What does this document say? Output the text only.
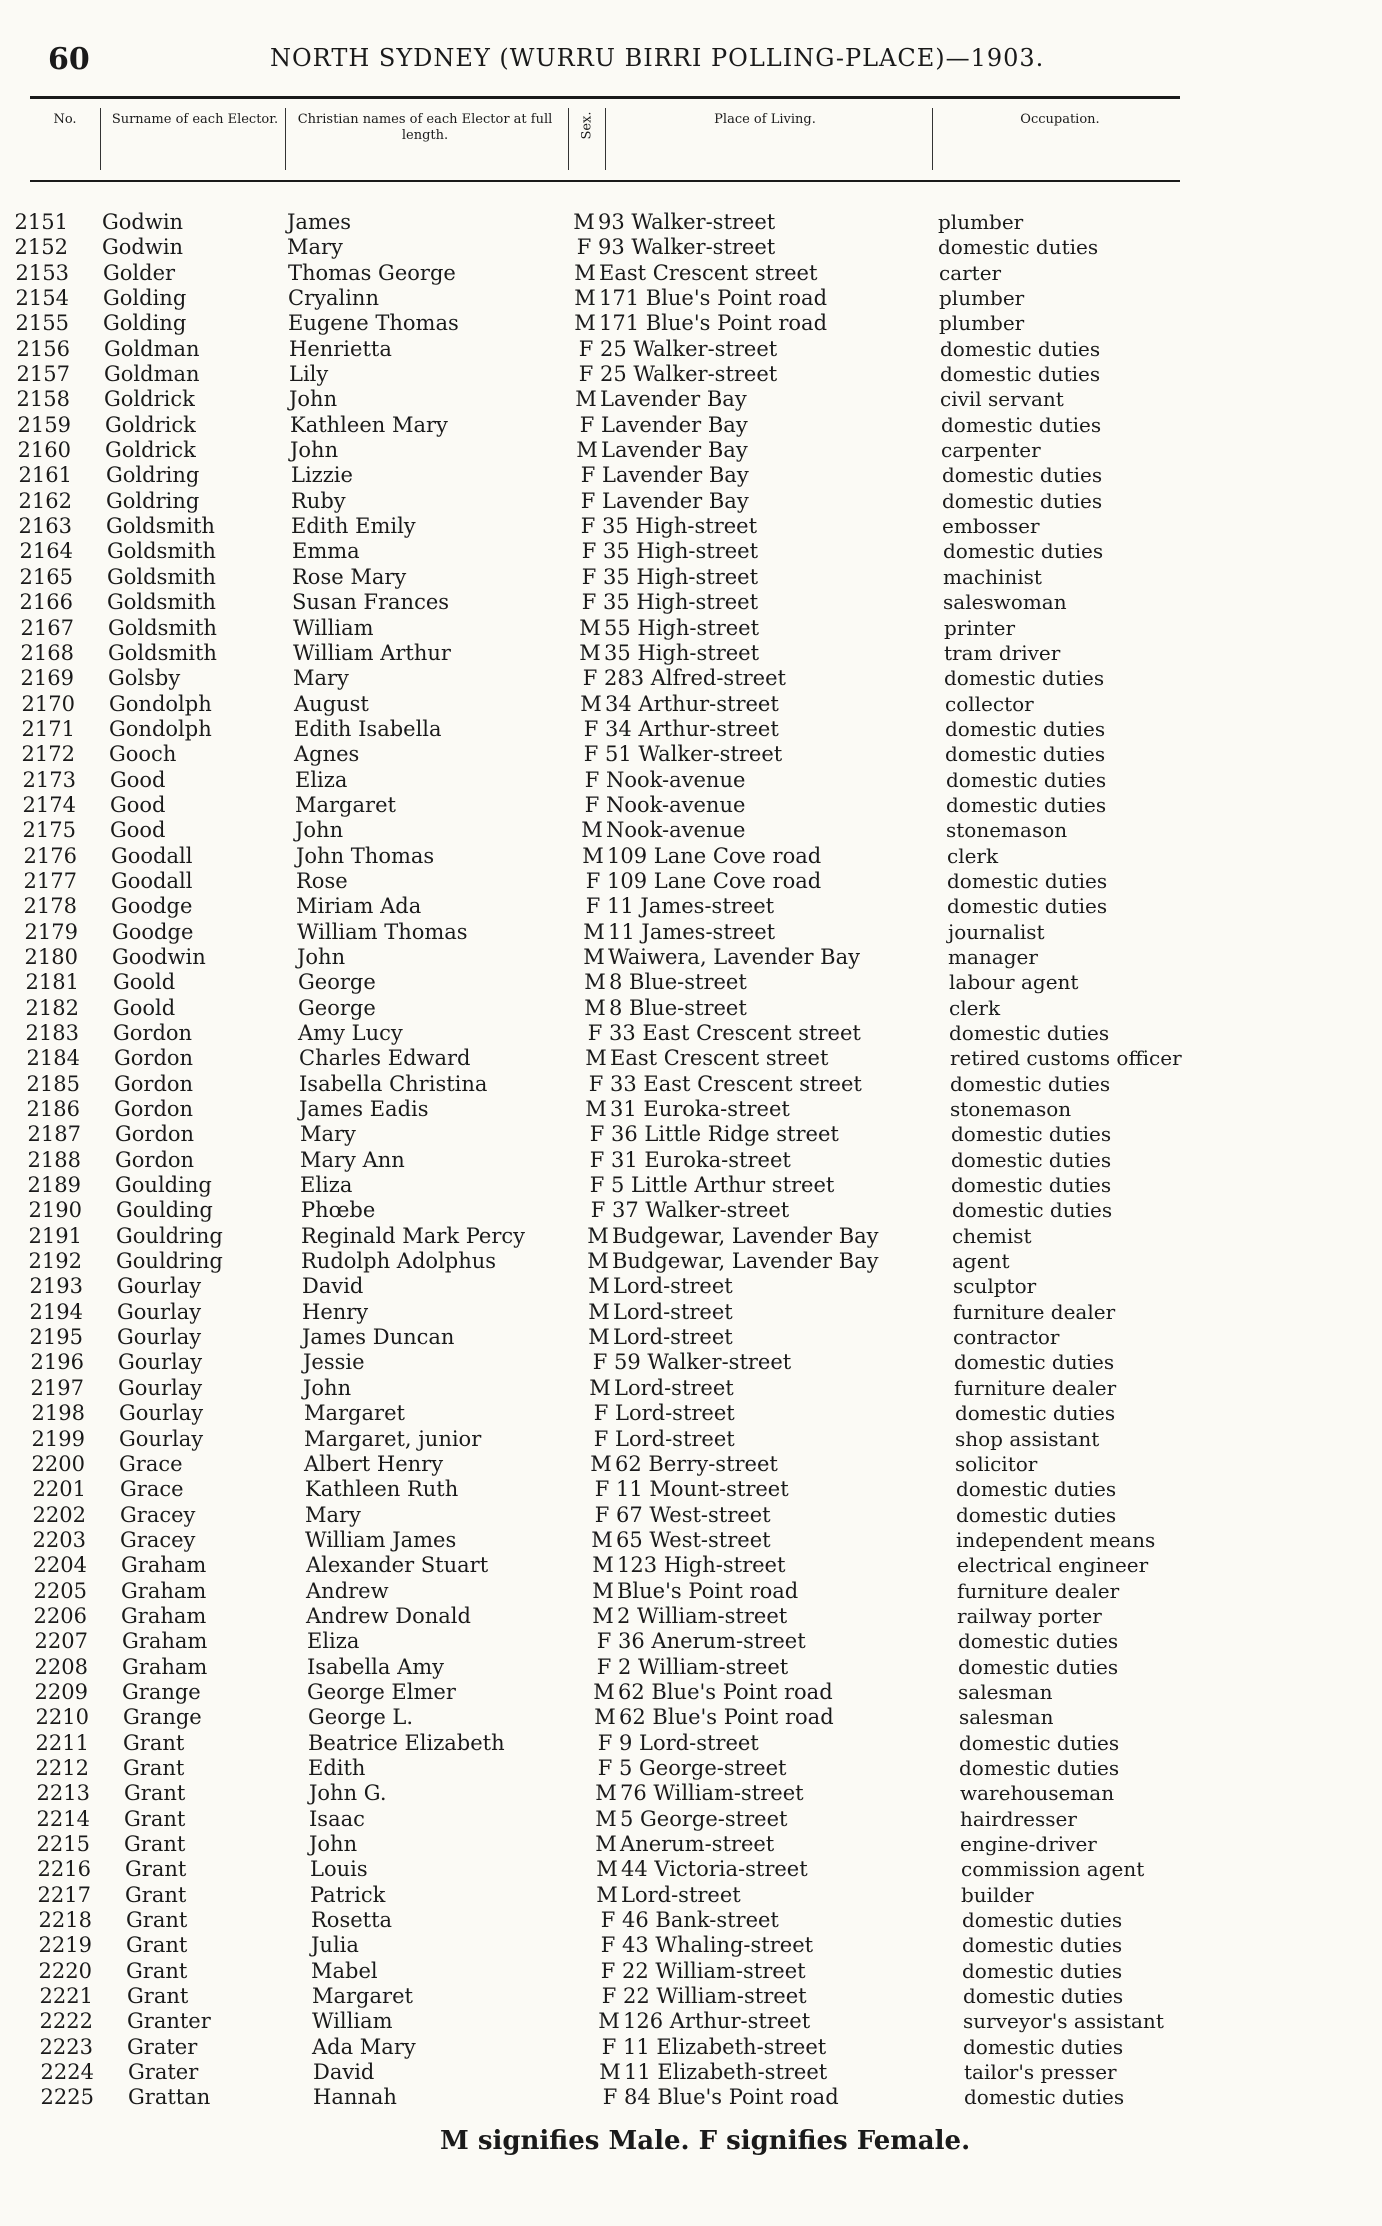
60	NORTH SYDNEY (WURRU BIRRI POLLING-PLACE)—1903.
No.	Surname of each Elector.	Christian names of each Elector at full length.	Sex.	Place of Living.	Occupation.
2151 Godwin	James	M 93 Walker-street	plumber
2152 Godwin	Mary	F 93 Walker-street	domestic duties
2153 Golder	Thomas George	M East Crescent street	carter
2154 Golding	Cryalinn	M 171 Blue's Point road	plumber
2155 Golding	Eugene Thomas	M 171 Blue's Point road	plumber
2156 Goldman	Henrietta	F 25 Walker-street	domestic duties
2157 Goldman	Lily	F 25 Walker-street	domestic duties
2158 Goldrick	John	M Lavender Bay	civil servant
2159 Goldrick	Kathleen Mary	F Lavender Bay	domestic duties
2160 Goldrick	John	M Lavender Bay	carpenter
2161 Goldring	Lizzie	F Lavender Bay	domestic duties
2162 Goldring	Ruby	F Lavender Bay	domestic duties
2163 Goldsmith	Edith Emily	F 35 High-street	embosser
2164 Goldsmith	Emma	F 35 High-street	domestic duties
2165 Goldsmith	Rose Mary	F 35 High-street	machinist
2166 Goldsmith	Susan Frances	F 35 High-street	saleswoman
2167 Goldsmith	William	M 55 High-street	printer
2168 Goldsmith	William Arthur	M 35 High-street	tram driver
2169 Golsby	Mary	F 283 Alfred-street	domestic duties
2170 Gondolph	August	M 34 Arthur-street	collector
2171 Gondolph	Edith Isabella	F 34 Arthur-street	domestic duties
2172 Gooch	Agnes	F 51 Walker-street	domestic duties
2173 Good	Eliza	F Nook-avenue	domestic duties
2174 Good	Margaret	F Nook-avenue	domestic duties
2175 Good	John	M Nook-avenue	stonemason
2176 Goodall	John Thomas	M 109 Lane Cove road	clerk
2177 Goodall	Rose	F 109 Lane Cove road	domestic duties
2178 Goodge	Miriam Ada	F 11 James-street	domestic duties
2179 Goodge	William Thomas	M 11 James-street	journalist
2180 Goodwin	John	M Waiwera, Lavender Bay	manager
2181 Goold	George	M 8 Blue-street	labour agent
2182 Goold	George	M 8 Blue-street	clerk
2183 Gordon	Amy Lucy	F 33 East Crescent street	domestic duties
2184 Gordon	Charles Edward	M East Crescent street	retired customs officer
2185 Gordon	Isabella Christina	F 33 East Crescent street	domestic duties
2186 Gordon	James Eadis	M 31 Euroka-street	stonemason
2187 Gordon	Mary	F 36 Little Ridge street	domestic duties
2188 Gordon	Mary Ann	F 31 Euroka-street	domestic duties
2189 Goulding	Eliza	F 5 Little Arthur street	domestic duties
2190 Goulding	Phœbe	F 37 Walker-street	domestic duties
2191 Gouldring	Reginald Mark Percy	M Budgewar, Lavender Bay	chemist
2192 Gouldring	Rudolph Adolphus	M Budgewar, Lavender Bay	agent
2193 Gourlay	David	M Lord-street	sculptor
2194 Gourlay	Henry	M Lord-street	furniture dealer
2195 Gourlay	James Duncan	M Lord-street	contractor
2196 Gourlay	Jessie	F 59 Walker-street	domestic duties
2197 Gourlay	John	M Lord-street	furniture dealer
2198 Gourlay	Margaret	F Lord-street	domestic duties
2199 Gourlay	Margaret, junior	F Lord-street	shop assistant
2200 Grace	Albert Henry	M 62 Berry-street	solicitor
2201 Grace	Kathleen Ruth	F 11 Mount-street	domestic duties
2202 Gracey	Mary	F 67 West-street	domestic duties
2203 Gracey	William James	M 65 West-street	independent means
2204 Graham	Alexander Stuart	M 123 High-street	electrical engineer
2205 Graham	Andrew	M Blue's Point road	furniture dealer
2206 Graham	Andrew Donald	M 2 William-street	railway porter
2207 Graham	Eliza	F 36 Anerum-street	domestic duties
2208 Graham	Isabella Amy	F 2 William-street	domestic duties
2209 Grange	George Elmer	M 62 Blue's Point road	salesman
2210 Grange	George L.	M 62 Blue's Point road	salesman
2211 Grant	Beatrice Elizabeth	F 9 Lord-street	domestic duties
2212 Grant	Edith	F 5 George-street	domestic duties
2213 Grant	John G.	M 76 William-street	warehouseman
2214 Grant	Isaac	M 5 George-street	hairdresser
2215 Grant	John	M Anerum-street	engine-driver
2216 Grant	Louis	M 44 Victoria-street	commission agent
2217 Grant	Patrick	M Lord-street	builder
2218 Grant	Rosetta	F 46 Bank-street	domestic duties
2219 Grant	Julia	F 43 Whaling-street	domestic duties
2220 Grant	Mabel	F 22 William-street	domestic duties
2221 Grant	Margaret	F 22 William-street	domestic duties
2222 Granter	William	M 126 Arthur-street	surveyor's assistant
2223 Grater	Ada Mary	F 11 Elizabeth-street	domestic duties
2224 Grater	David	M 11 Elizabeth-street	tailor's presser
2225 Grattan	Hannah	F 84 Blue's Point road	domestic duties
M signifies Male. F signifies Female.
